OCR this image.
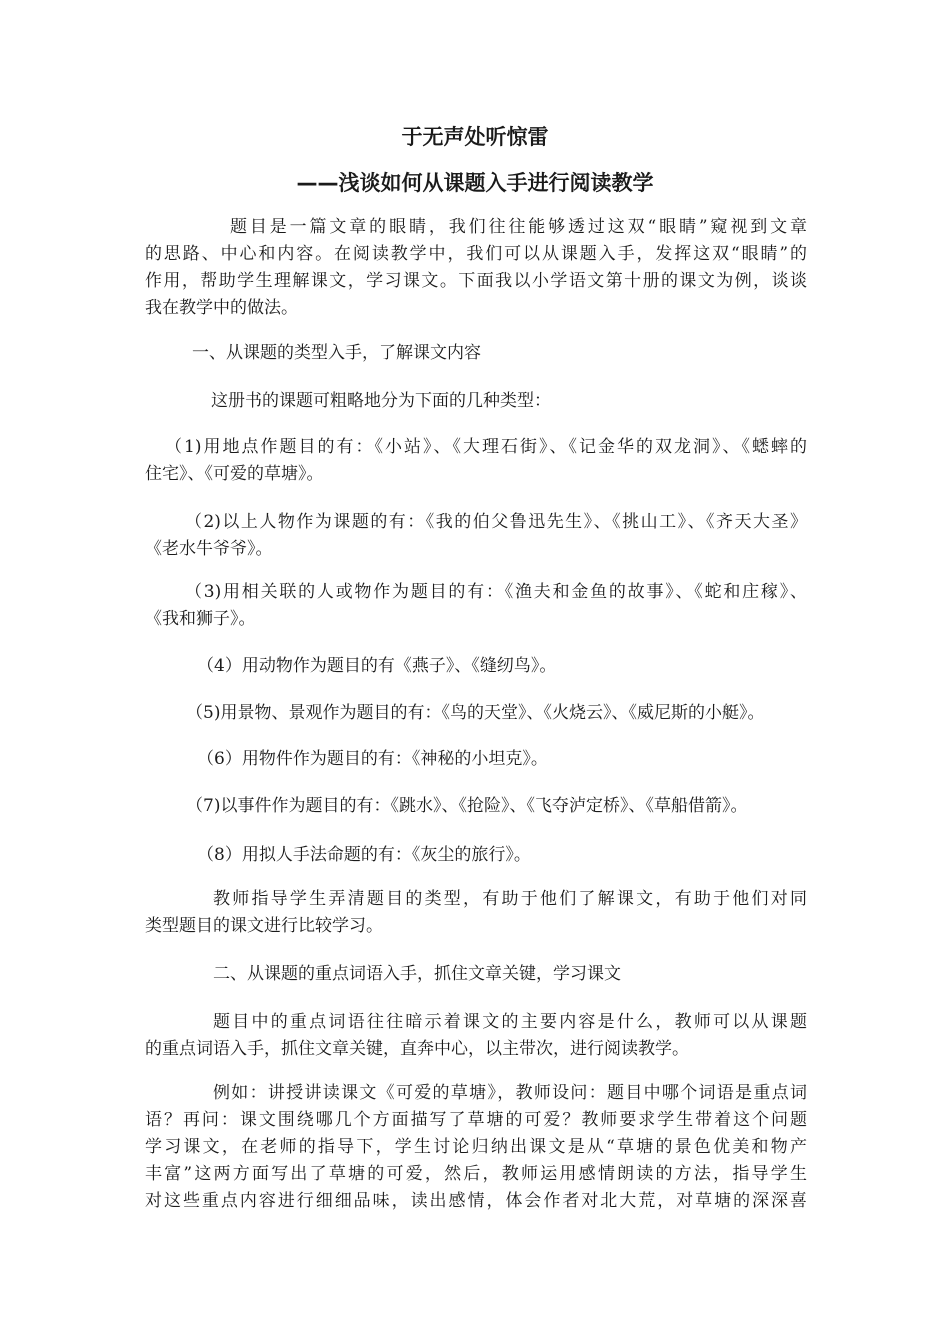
于无声处听惊雷
——浅谈如何从课题入手进行阅读教学
题目是一篇文章的眼睛，我们往往能够透过这双“眼睛”窥视到文章
的思路、中心和内容。在阅读教学中，我们可以从课题入手，发挥这双“眼睛”的
作用，帮助学生理解课文，学习课文。下面我以小学语文第十册的课文为例，谈谈
我在教学中的做法。
一、从课题的类型入手，了解课文内容
这册书的课题可粗略地分为下面的几种类型：
（1)用地点作题目的有：《小站》、《大理石街》、《记金华的双龙洞》、《蟋蟀的
住宅》、《可爱的草塘》。
（2)以上人物作为课题的有：《我的伯父鲁迅先生》、《挑山工》、《齐天大圣》
《老水牛爷爷》。
（3)用相关联的人或物作为题目的有：《渔夫和金鱼的故事》、《蛇和庄稼》、
《我和狮子》。
（4）用动物作为题目的有《燕子》、《缝纫鸟》。
（5)用景物、景观作为题目的有：《鸟的天堂》、《火烧云》、《威尼斯的小艇》。
（6）用物件作为题目的有：《神秘的小坦克》。
（7)以事件作为题目的有：《跳水》、《抢险》、《飞夺泸定桥》、《草船借箭》。
（8）用拟人手法命题的有：《灰尘的旅行》。
教师指导学生弄清题目的类型，有助于他们了解课文，有助于他们对同
类型题目的课文进行比较学习。
二、从课题的重点词语入手，抓住文章关键，学习课文
题目中的重点词语往往暗示着课文的主要内容是什么，教师可以从课题
的重点词语入手，抓住文章关键，直奔中心，以主带次，进行阅读教学。
例如：讲授讲读课文《可爱的草塘》，教师设问：题目中哪个词语是重点词
语？再问：课文围绕哪几个方面描写了草塘的可爱？教师要求学生带着这个问题
学习课文，在老师的指导下，学生讨论归纳出课文是从“草塘的景色优美和物产
丰富”这两方面写出了草塘的可爱，然后，教师运用感情朗读的方法，指导学生
对这些重点内容进行细细品味，读出感情，体会作者对北大荒，对草塘的深深喜
